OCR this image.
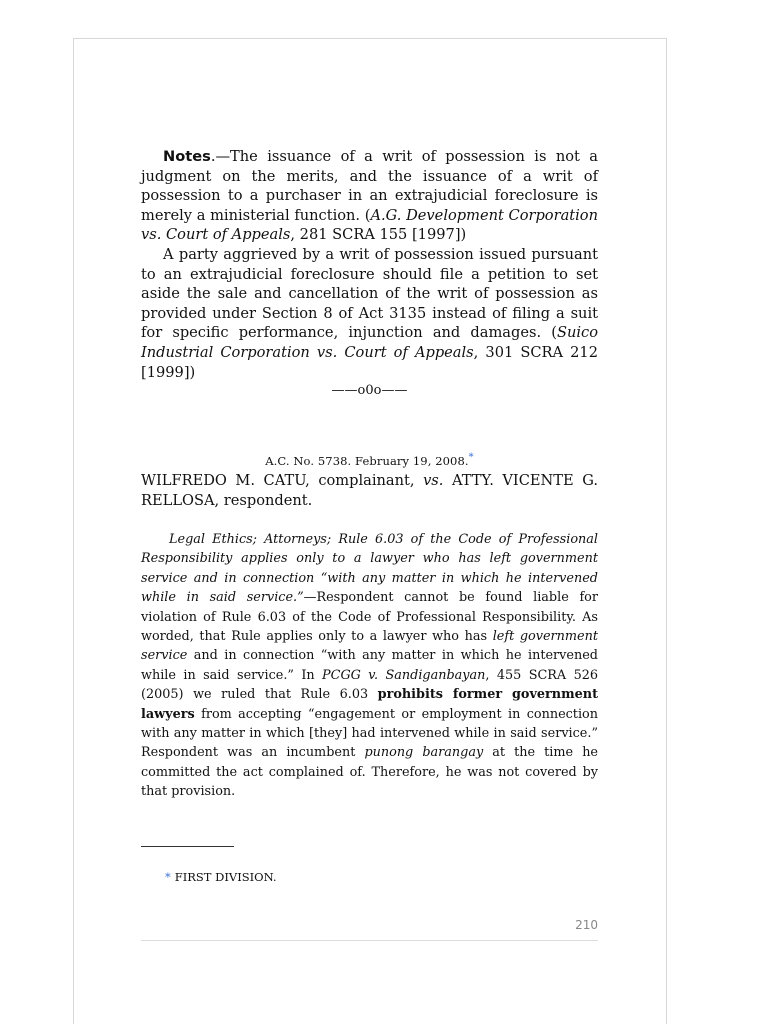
Notes.—The issuance of a writ of possession is not a judgment on the merits, and the issuance of a writ of possession to a purchaser in an extrajudicial foreclosure is merely a ministerial function. (A.G. Development Corporation vs. Court of Appeals, 281 SCRA 155 [1997])

A party aggrieved by a writ of possession issued pursuant to an extrajudicial foreclosure should file a petition to set aside the sale and cancellation of the writ of possession as provided under Section 8 of Act 3135 instead of filing a suit for specific performance, injunction and damages. (Suico Industrial Corporation vs. Court of Appeals, 301 SCRA 212 [1999])

——o0o——
A.C. No. 5738. February 19, 2008.*

WILFREDO M. CATU, complainant, vs. ATTY. VICENTE G. RELLOSA, respondent.

Legal Ethics; Attorneys; Rule 6.03 of the Code of Professional Responsibility applies only to a lawyer who has left government service and in connection “with any matter in which he intervened while in said service.”—Respondent cannot be found liable for violation of Rule 6.03 of the Code of Professional Responsibility. As worded, that Rule applies only to a lawyer who has left government service and in connection “with any matter in which he intervened while in said service.” In PCGG v. Sandiganbayan, 455 SCRA 526 (2005) we ruled that Rule 6.03 prohibits former government lawyers from accepting “engagement or employment in connection with any matter in which [they] had intervened while in said service.” Respondent was an incumbent punong barangay at the time he committed the act complained of. Therefore, he was not covered by that provision.

* FIRST DIVISION.
210
